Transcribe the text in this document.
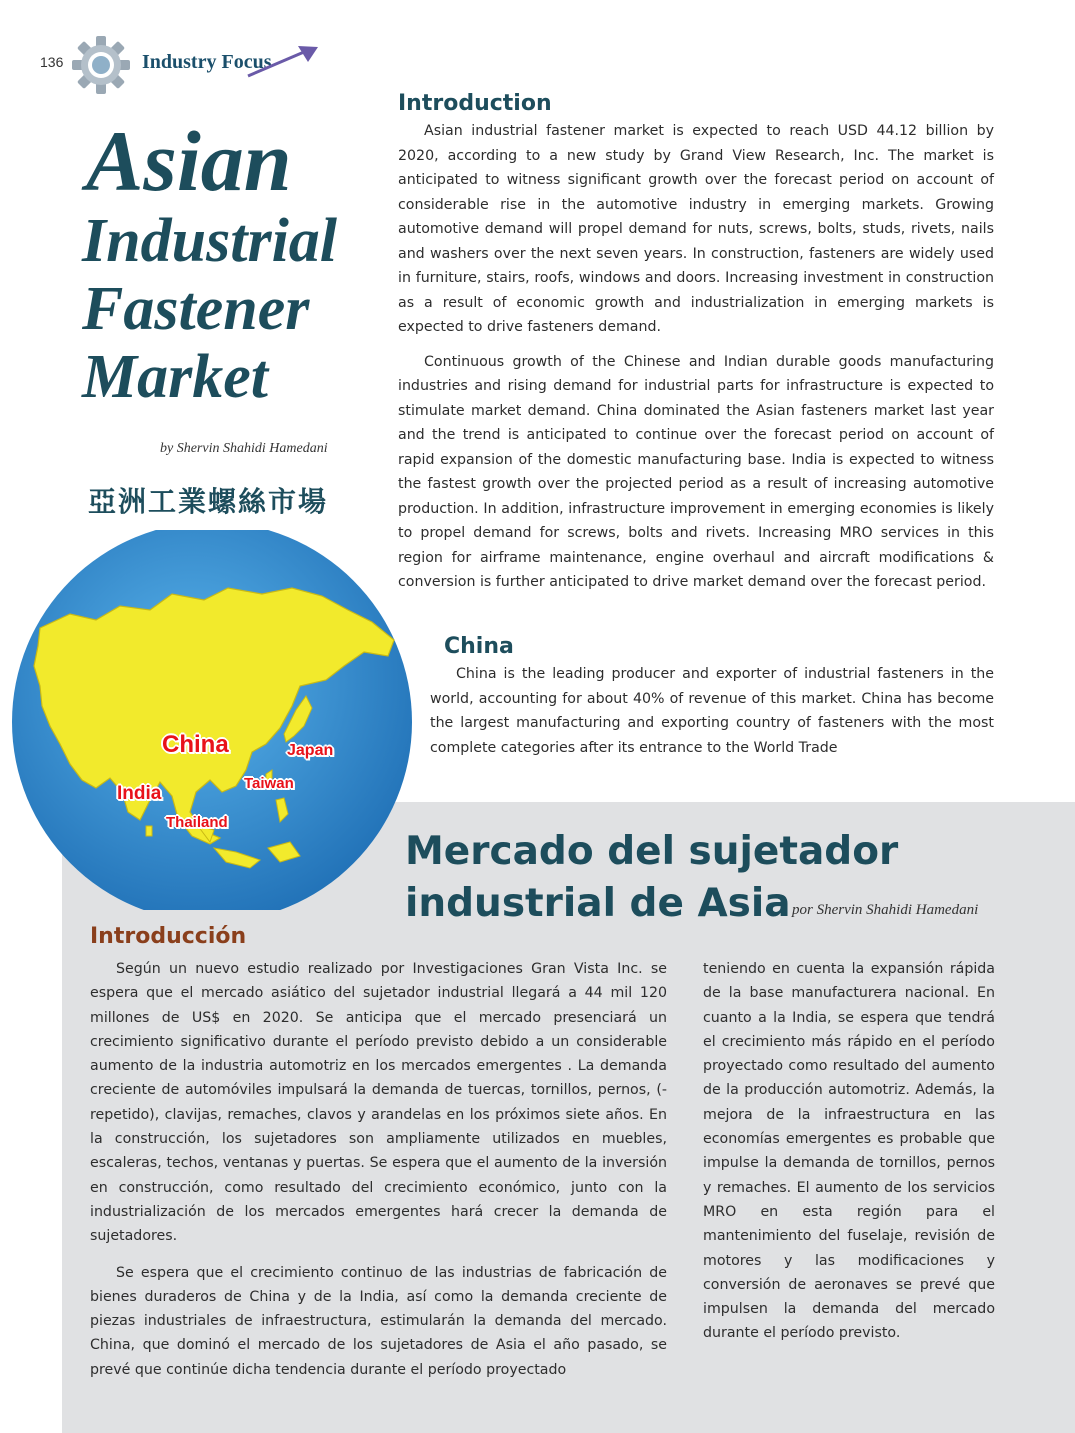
136	Industry Focus
Asian
Industrial
Fastener
Market
by Shervin Shahidi Hamedani
亞洲工業螺絲市場
Introduction

Asian industrial fastener market is expected to reach USD 44.12 billion by 2020, according to a new study by Grand View Research, Inc. The market is anticipated to witness significant growth over the forecast period on account of considerable rise in the automotive industry in emerging markets. Growing automotive demand will propel demand for nuts, screws, bolts, studs, rivets, nails and washers over the next seven years. In construction, fasteners are widely used in furniture, stairs, roofs, windows and doors. Increasing investment in construction as a result of economic growth and industrialization in emerging markets is expected to drive fasteners demand.

Continuous growth of the Chinese and Indian durable goods manufacturing industries and rising demand for industrial parts for infrastructure is expected to stimulate market demand. China dominated the Asian fasteners market last year and the trend is anticipated to continue over the forecast period on account of rapid expansion of the domestic manufacturing base. India is expected to witness the fastest growth over the projected period as a result of increasing automotive production. In addition, infrastructure improvement in emerging economies is likely to propel demand for screws, bolts and rivets. Increasing MRO services in this region for airframe maintenance, engine overhaul and aircraft modifications & conversion is further anticipated to drive market demand over the forecast period.

China

China is the leading producer and exporter of industrial fasteners in the world, accounting for about 40% of revenue of this market. China has become the largest manufacturing and exporting country of fasteners with the most complete categories after its entrance to the World Trade

China	Japan
Taiwan
India
Thailand
Mercado del sujetador
industrial de Asia por Shervin Shahidi Hamedani
Introducción

Según un nuevo estudio realizado por Investigaciones Gran Vista Inc. se espera que el mercado asiático del sujetador industrial llegará a 44 mil 120 millones de US$ en 2020. Se anticipa que el mercado presenciará un crecimiento significativo durante el período previsto debido a un considerable aumento de la industria automotriz en los mercados emergentes . La demanda creciente de automóviles impulsará la demanda de tuercas, tornillos, pernos, (-repetido), clavijas, remaches, clavos y arandelas en los próximos siete años. En la construcción, los sujetadores son ampliamente utilizados en muebles, escaleras, techos, ventanas y puertas. Se espera que el aumento de la inversión en construcción, como resultado del crecimiento económico, junto con la industrialización de los mercados emergentes hará crecer la demanda de sujetadores.

Se espera que el crecimiento continuo de las industrias de fabricación de bienes duraderos de China y de la India, así como la demanda creciente de piezas industriales de infraestructura, estimularán la demanda del mercado. China, que dominó el mercado de los sujetadores de Asia el año pasado, se prevé que continúe dicha tendencia durante el período proyectado

teniendo en cuenta la expansión rápida de la base manufacturera nacional. En cuanto a la India, se espera que tendrá el crecimiento más rápido en el período proyectado como resultado del aumento de la producción automotriz. Además, la mejora de la infraestructura en las economías emergentes es probable que impulse la demanda de tornillos, pernos y remaches. El aumento de los servicios MRO en esta región para el mantenimiento del fuselaje, revisión de motores y las modificaciones y conversión de aeronaves se prevé que impulsen la demanda del mercado durante el período previsto.
